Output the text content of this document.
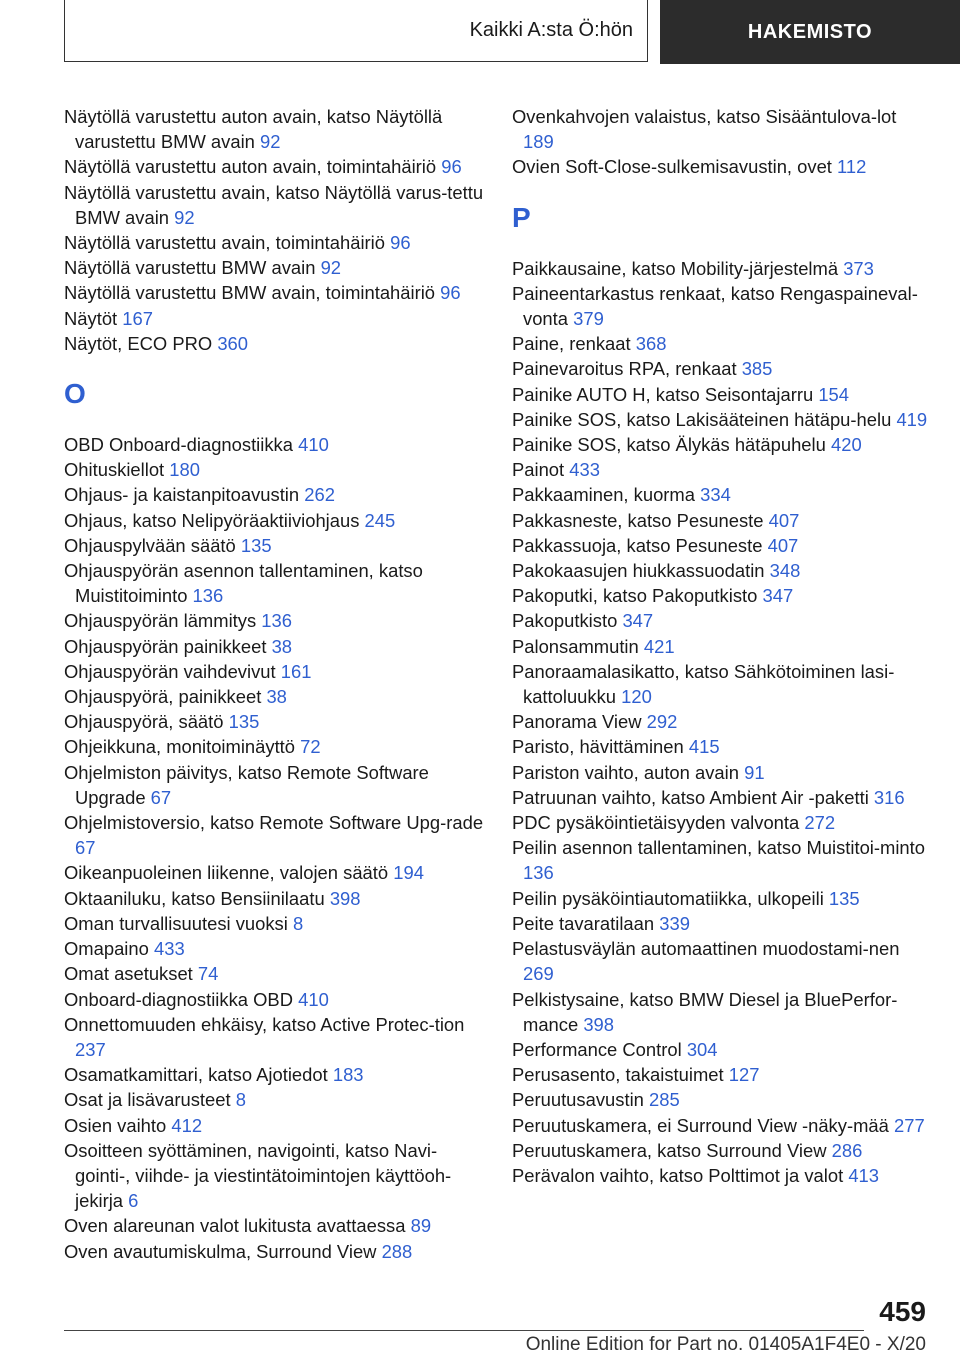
Kaikki A:sta Ö:hön	HAKEMISTO

Näytöllä varustettu auton avain, katso Näytöllä varustettu BMW avain 92

Näytöllä varustettu auton avain, toimintahäiriö 96

Näytöllä varustettu avain, katso Näytöllä varus‐tettu BMW avain 92

Näytöllä varustettu avain, toimintahäiriö 96

Näytöllä varustettu BMW avain 92

Näytöllä varustettu BMW avain, toimintahäiriö 96

Näytöt 167

Näytöt, ECO PRO 360

O

OBD Onboard-diagnostiikka 410

Ohituskiellot 180

Ohjaus- ja kaistanpitoavustin 262

Ohjaus, katso Nelipyöräaktiiviohjaus 245

Ohjauspylvään säätö 135

Ohjauspyörän asennon tallentaminen, katso Muistitoiminto 136

Ohjauspyörän lämmitys 136

Ohjauspyörän painikkeet 38

Ohjauspyörän vaihdevivut 161

Ohjauspyörä, painikkeet 38

Ohjauspyörä, säätö 135

Ohjeikkuna, monitoiminäyttö 72

Ohjelmiston päivitys, katso Remote Software Upgrade 67

Ohjelmistoversio, katso Remote Software Upg‐rade 67

Oikeanpuoleinen liikenne, valojen säätö 194

Oktaaniluku, katso Bensiinilaatu 398

Oman turvallisuutesi vuoksi 8

Omapaino 433

Omat asetukset 74

Onboard-diagnostiikka OBD 410

Onnettomuuden ehkäisy, katso Active Protec‐tion 237

Osamatkamittari, katso Ajotiedot 183

Osat ja lisävarusteet 8

Osien vaihto 412

Osoitteen syöttäminen, navigointi, katso Navi‐gointi-, viihde- ja viestintätoimintojen käyttöoh‐jekirja 6

Oven alareunan valot lukitusta avattaessa 89

Oven avautumiskulma, Surround View 288

Ovenkahvojen valaistus, katso Sisääntulova‐lot 189

Ovien Soft-Close-sulkemisavustin, ovet 112

P

Paikkausaine, katso Mobility-järjestelmä 373

Paineentarkastus renkaat, katso Rengaspaineval‐vonta 379

Paine, renkaat 368

Painevaroitus RPA, renkaat 385

Painike AUTO H, katso Seisontajarru 154

Painike SOS, katso Lakisääteinen hätäpu‐helu 419

Painike SOS, katso Älykäs hätäpuhelu 420

Painot 433

Pakkaaminen, kuorma 334

Pakkasneste, katso Pesuneste 407

Pakkassuoja, katso Pesuneste 407

Pakokaasujen hiukkassuodatin 348

Pakoputki, katso Pakoputkisto 347

Pakoputkisto 347

Palonsammutin 421

Panoraamalasikatto, katso Sähkötoiminen lasi‐kattoluukku 120

Panorama View 292

Paristo, hävittäminen 415

Pariston vaihto, auton avain 91

Patruunan vaihto, katso Ambient Air -paketti 316

PDC pysäköintietäisyyden valvonta 272

Peilin asennon tallentaminen, katso Muistitoi‐minto 136

Peilin pysäköintiautomatiikka, ulkopeili 135

Peite tavaratilaan 339

Pelastusväylän automaattinen muodostami‐nen 269

Pelkistysaine, katso BMW Diesel ja BluePerfor‐mance 398

Performance Control 304

Perusasento, takaistuimet 127

Peruutusavustin 285

Peruutuskamera, ei Surround View -näky‐mää 277

Peruutuskamera, katso Surround View 286

Perävalon vaihto, katso Polttimot ja valot 413

459
Online Edition for Part no. 01405A1F4E0 - X/20
